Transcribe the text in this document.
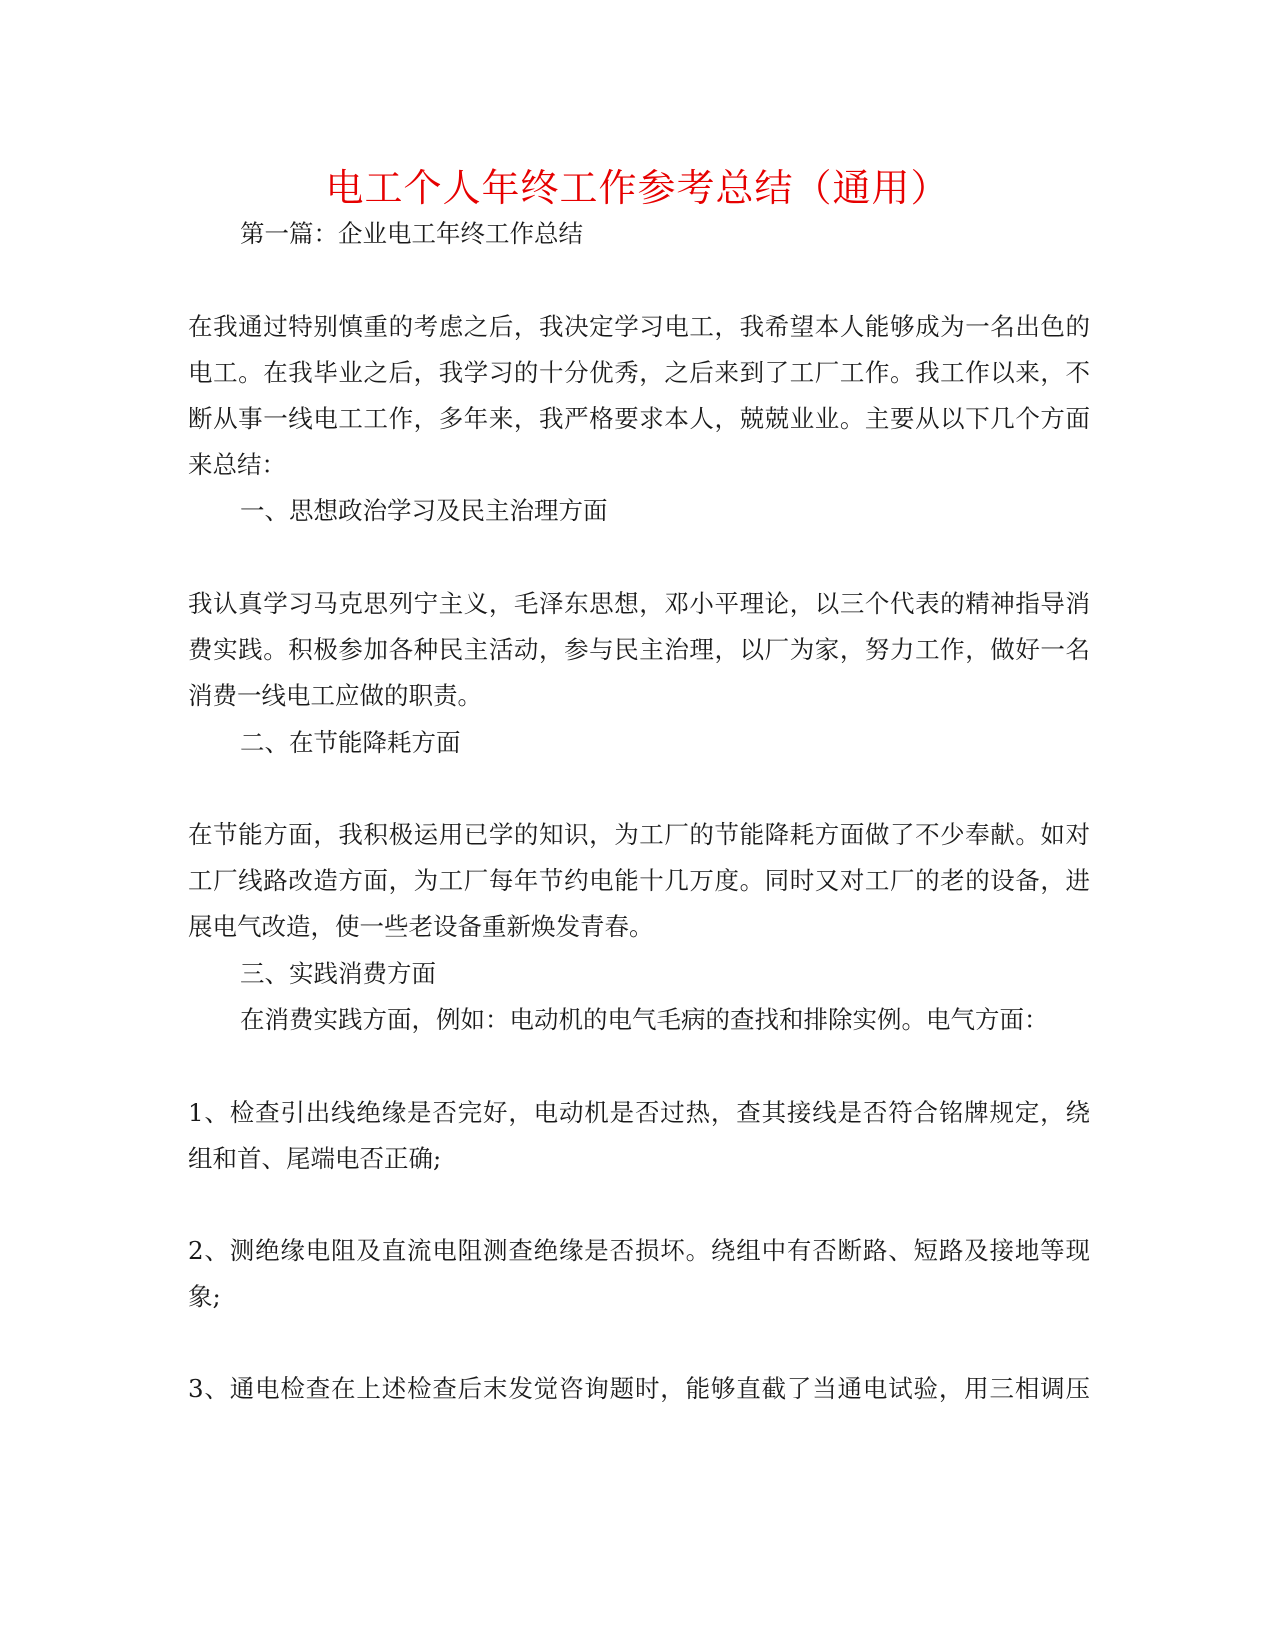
电工个人年终工作参考总结（通用）
第一篇：企业电工年终工作总结
在我通过特别慎重的考虑之后，我决定学习电工，我希望本人能够成为一名出色的
电工。在我毕业之后，我学习的十分优秀，之后来到了工厂工作。我工作以来，不
断从事一线电工工作，多年来，我严格要求本人，兢兢业业。主要从以下几个方面
来总结：
一、思想政治学习及民主治理方面
我认真学习马克思列宁主义，毛泽东思想，邓小平理论，以三个代表的精神指导消
费实践。积极参加各种民主活动，参与民主治理，以厂为家，努力工作，做好一名
消费一线电工应做的职责。
二、在节能降耗方面
在节能方面，我积极运用已学的知识，为工厂的节能降耗方面做了不少奉献。如对
工厂线路改造方面，为工厂每年节约电能十几万度。同时又对工厂的老的设备，进
展电气改造，使一些老设备重新焕发青春。
三、实践消费方面
在消费实践方面，例如：电动机的电气毛病的查找和排除实例。电气方面：
1、检查引出线绝缘是否完好，电动机是否过热，查其接线是否符合铭牌规定，绕
组和首、尾端电否正确;
2、测绝缘电阻及直流电阻测查绝缘是否损坏。绕组中有否断路、短路及接地等现
象;
3、通电检查在上述检查后末发觉咨询题时，能够直截了当通电试验，用三相调压
